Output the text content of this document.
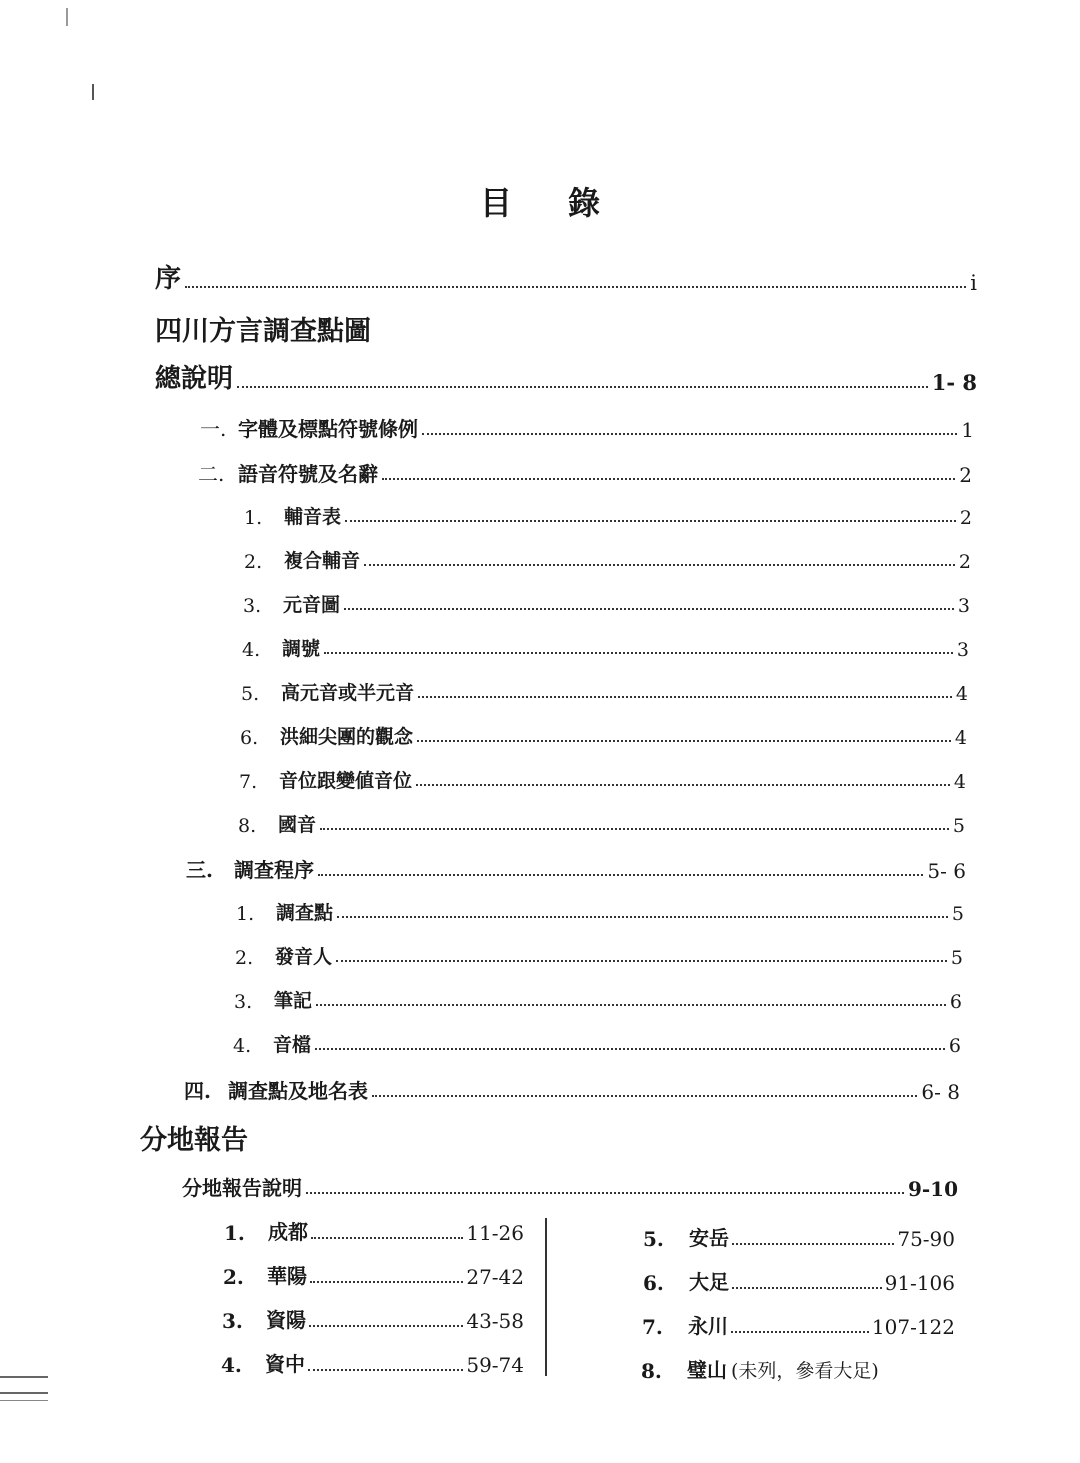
目 錄
序	i
四川方言調查點圖
總說明	1- 8
一. 字體及標點符號條例	1
二. 語音符號及名辭	2
1.	輔音表	2
2.	複合輔音	2
3.	元音圖	3
4.	調號	3
5.	高元音或半元音	4
6.	洪細尖團的觀念	4
7.	音位跟變値音位	4
8.	國音	5
三.	調查程序	5- 6
1.	調查點	5
2.	發音人	5
3.	筆記	6
4.	音檔	6
四. 調查點及地名表	6- 8
分地報告
分地報告說明	9-10
1.	成都	11-26
2.	華陽	27-42
3.	資陽	43-58
4.	資中	59-74
5.	安岳	75-90
6.	大足	91-106
7.	永川	107-122
8.	璧山 (未列，參看大足)
